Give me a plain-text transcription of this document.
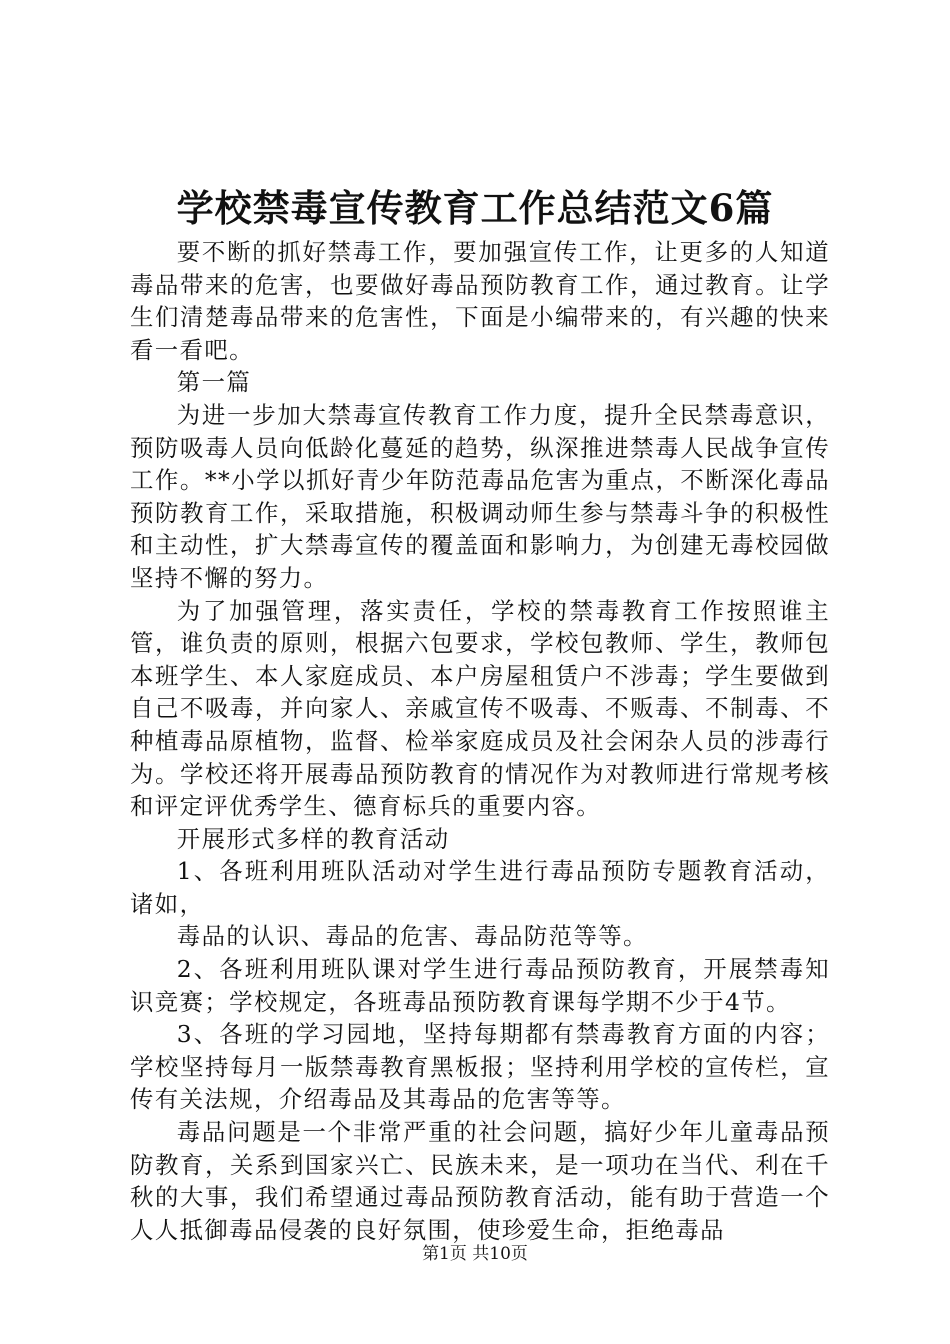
学校禁毒宣传教育工作总结范文6篇

要不断的抓好禁毒工作，要加强宣传工作，让更多的人知道毒品带来的危害，也要做好毒品预防教育工作，通过教育。让学生们清楚毒品带来的危害性，下面是小编带来的，有兴趣的快来看一看吧。

第一篇

为进一步加大禁毒宣传教育工作力度，提升全民禁毒意识，预防吸毒人员向低龄化蔓延的趋势，纵深推进禁毒人民战争宣传工作。**小学以抓好青少年防范毒品危害为重点，不断深化毒品预防教育工作，采取措施，积极调动师生参与禁毒斗争的积极性和主动性，扩大禁毒宣传的覆盖面和影响力，为创建无毒校园做坚持不懈的努力。

为了加强管理，落实责任，学校的禁毒教育工作按照谁主管，谁负责的原则，根据六包要求，学校包教师、学生，教师包本班学生、本人家庭成员、本户房屋租赁户不涉毒；学生要做到自己不吸毒，并向家人、亲戚宣传不吸毒、不贩毒、不制毒、不种植毒品原植物，监督、检举家庭成员及社会闲杂人员的涉毒行为。学校还将开展毒品预防教育的情况作为对教师进行常规考核和评定评优秀学生、德育标兵的重要内容。

开展形式多样的教育活动

1、各班利用班队活动对学生进行毒品预防专题教育活动，诸如，

毒品的认识、毒品的危害、毒品防范等等。

2、各班利用班队课对学生进行毒品预防教育，开展禁毒知识竞赛；学校规定，各班毒品预防教育课每学期不少于4节。

3、各班的学习园地，坚持每期都有禁毒教育方面的内容；学校坚持每月一版禁毒教育黑板报；坚持利用学校的宣传栏，宣传有关法规，介绍毒品及其毒品的危害等等。

毒品问题是一个非常严重的社会问题，搞好少年儿童毒品预防教育，关系到国家兴亡、民族未来，是一项功在当代、利在千秋的大事，我们希望通过毒品预防教育活动，能有助于营造一个人人抵御毒品侵袭的良好氛围，使珍爱生命，拒绝毒品

第1页 共10页
